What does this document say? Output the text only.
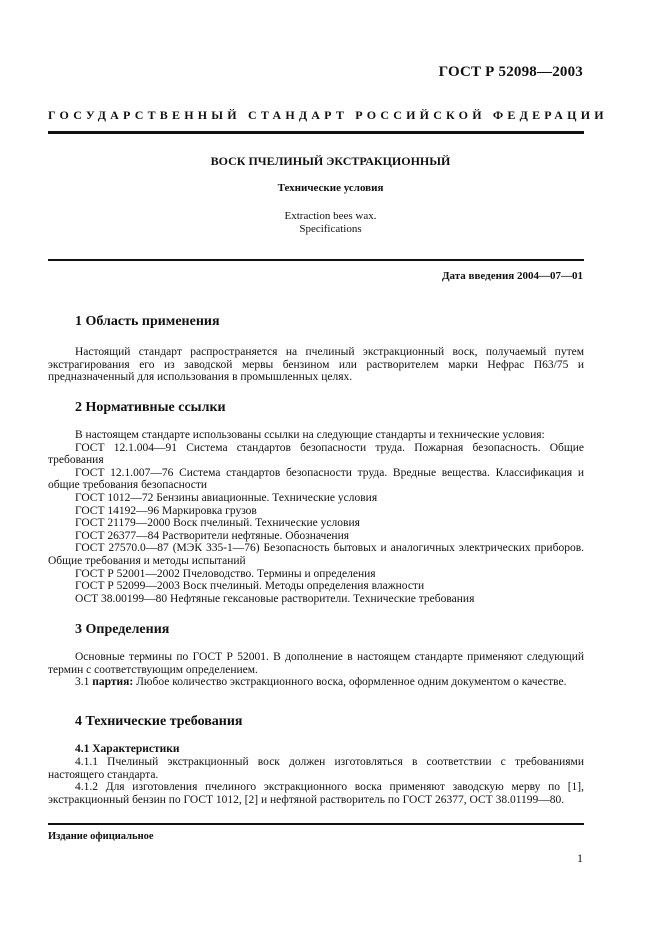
ГОСТ Р 52098—2003
ГОСУДАРСТВЕННЫЙ СТАНДАРТ РОССИЙСКОЙ ФЕДЕРАЦИИ
ВОСК ПЧЕЛИНЫЙ ЭКСТРАКЦИОННЫЙ
Технические условия
Extraction bees wax.
Specifications
Дата введения 2004—07—01
1 Область применения

Настоящий стандарт распространяется на пчелиный экстракционный воск, получаемый путем экстрагирования его из заводской мервы бензином или растворителем марки Нефрас П63/75 и предназначенный для использования в промышленных целях.

2 Нормативные ссылки

В настоящем стандарте использованы ссылки на следующие стандарты и технические условия:

ГОСТ 12.1.004—91 Система стандартов безопасности труда. Пожарная безопасность. Общие требования

ГОСТ 12.1.007—76 Система стандартов безопасности труда. Вредные вещества. Классификация и общие требования безопасности

ГОСТ 1012—72 Бензины авиационные. Технические условия

ГОСТ 14192—96 Маркировка грузов

ГОСТ 21179—2000 Воск пчелиный. Технические условия

ГОСТ 26377—84 Растворители нефтяные. Обозначения

ГОСТ 27570.0—87 (МЭК 335-1—76) Безопасность бытовых и аналогичных электрических приборов. Общие требования и методы испытаний

ГОСТ Р 52001—2002 Пчеловодство. Термины и определения

ГОСТ Р 52099—2003 Воск пчелиный. Методы определения влажности

ОСТ 38.00199—80 Нефтяные гексановые растворители. Технические требования

3 Определения

Основные термины по ГОСТ Р 52001. В дополнение в настоящем стандарте применяют следующий термин с соответствующим определением.

3.1 партия: Любое количество экстракционного воска, оформленное одним документом о качестве.

4 Технические требования
4.1 Характеристики

4.1.1 Пчелиный экстракционный воск должен изготовляться в соответствии с требованиями настоящего стандарта.

4.1.2 Для изготовления пчелиного экстракционного воска применяют заводскую мерву по [1], экстракционный бензин по ГОСТ 1012, [2] и нефтяной растворитель по ГОСТ 26377, ОСТ 38.01199—80.

Издание официальное
1
